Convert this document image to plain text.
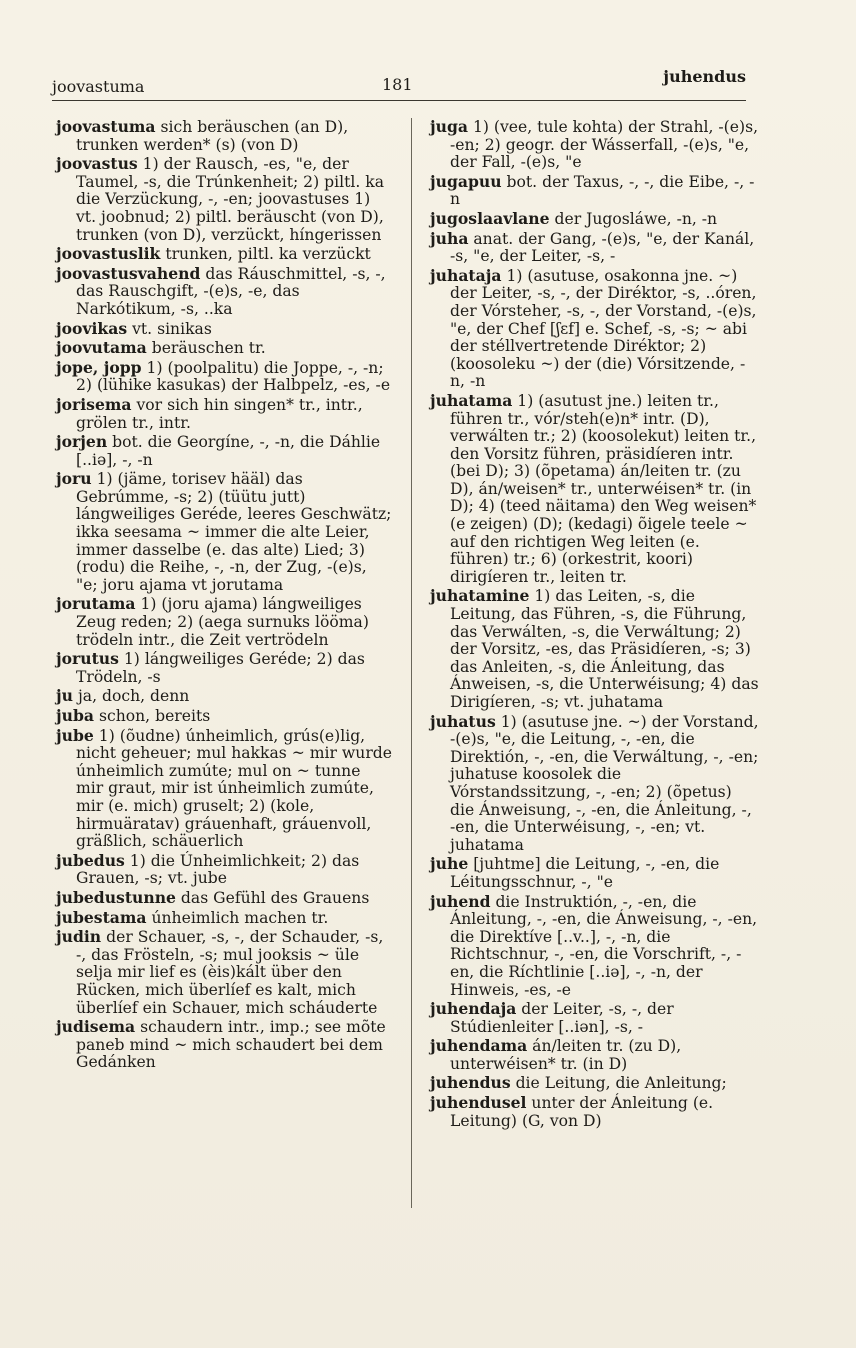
joovastuma	181	juhendus

joovastuma sich beräuschen (an D), trunken werden* (s) (von D)

joovastus 1) der Rausch, -es, "e, der Taumel, -s, die Trúnkenheit; 2) piltl. ka die Verzückung, -, -en; joovastuses 1) vt. joobnud; 2) piltl. beräuscht (von D), trunken (von D), verzückt, híngerissen

joovastuslik trunken, piltl. ka verzückt

joovastusvahend das Ráuschmittel, -s, -, das Rauschgift, -(e)s, -e, das Narkótikum, -s, ..ka

joovikas vt. sinikas

joovutama beräuschen tr.

jope, jopp 1) (poolpalitu) die Joppe, -, -n; 2) (lühike kasukas) der Halbpelz, -es, -e

jorisema vor sich hin singen* tr., intr., grölen tr., intr.

jorjen bot. die Georgíne, -, -n, die Dáhlie [..iə], -, -n

joru 1) (jäme, torisev hääl) das Gebrúmme, -s; 2) (tüütu jutt) lángweiliges Geréde, leeres Geschwätz; ikka seesama ~ immer die alte Leier, immer dasselbe (e. das alte) Lied; 3) (rodu) die Reihe, -, -n, der Zug, -(e)s, "e; joru ajama vt jorutama

jorutama 1) (joru ajama) lángweiliges Zeug reden; 2) (aega surnuks lööma) trödeln intr., die Zeit vertrödeln

jorutus 1) lángweiliges Geréde; 2) das Trödeln, -s

ju ja, doch, denn

juba schon, bereits

jube 1) (õudne) únheimlich, grús(e)lig, nicht geheuer; mul hakkas ~ mir wurde únheimlich zumúte; mul on ~ tunne mir graut, mir ist únheimlich zumúte, mir (e. mich) gruselt; 2) (kole, hirmuäratav) gráuenhaft, gráuenvoll, gräßlich, schäuerlich

jubedus 1) die Únheimlichkeit; 2) das Grauen, -s; vt. jube

jubedustunne das Gefühl des Grauens

jubestama únheimlich machen tr.

judin der Schauer, -s, -, der Schauder, -s, -, das Frösteln, -s; mul jooksis ~ üle selja mir lief es (èis)kált über den Rücken, mich überlíef es kalt, mich überlíef ein Schauer, mich scháuderte

judisema schaudern intr., imp.; see mõte paneb mind ~ mich schaudert bei dem Gedánken

juga 1) (vee, tule kohta) der Strahl, -(e)s, -en; 2) geogr. der Wásserfall, -(e)s, "e, der Fall, -(e)s, "e

jugapuu bot. der Taxus, -, -, die Eibe, -, -n

jugoslaavlane der Jugosláwe, -n, -n

juha anat. der Gang, -(e)s, "e, der Kanál, -s, "e, der Leiter, -s, -

juhataja 1) (asutuse, osakonna jne. ~) der Leiter, -s, -, der Diréktor, -s, ..óren, der Vórsteher, -s, -, der Vorstand, -(e)s, "e, der Chef [ʃɛf] e. Schef, -s, -s; ~ abi der stéllvertretende Diréktor; 2) (koosoleku ~) der (die) Vórsitzende, -n, -n

juhatama 1) (asutust jne.) leiten tr., führen tr., vór/steh(e)n* intr. (D), verwálten tr.; 2) (koosolekut) leiten tr., den Vorsitz führen, präsidíeren intr. (bei D); 3) (õpetama) án/leiten tr. (zu D), án/weisen* tr., unterwéisen* tr. (in D); 4) (teed näitama) den Weg weisen* (e zeigen) (D); (kedagi) õigele teele ~ auf den richtigen Weg leiten (e. führen) tr.; 6) (orkestrit, koori) dirigíeren tr., leiten tr.

juhatamine 1) das Leiten, -s, die Leitung, das Führen, -s, die Führung, das Verwálten, -s, die Verwáltung; 2) der Vorsitz, -es, das Präsidíeren, -s; 3) das Anleiten, -s, die Ánleitung, das Ánweisen, -s, die Unterwéisung; 4) das Dirigíeren, -s; vt. juhatama

juhatus 1) (asutuse jne. ~) der Vorstand, -(e)s, "e, die Leitung, -, -en, die Direktión, -, -en, die Verwáltung, -, -en; juhatuse koosolek die Vórstandssitzung, -, -en; 2) (õpetus) die Ánweisung, -, -en, die Ánleitung, -, -en, die Unterwéisung, -, -en; vt. juhatama

juhe [juhtme] die Leitung, -, -en, die Léitungsschnur, -, "e

juhend die Instruktión, -, -en, die Ánleitung, -, -en, die Ánweisung, -, -en, die Direktíve [..v..], -, -n, die Richtschnur, -, -en, die Vorschrift, -, -en, die Ríchtlinie [..iə], -, -n, der Hinweis, -es, -e

juhendaja der Leiter, -s, -, der Stúdienleiter [..iən], -s, -

juhendama án/leiten tr. (zu D), unterwéisen* tr. (in D)

juhendus die Leitung, die Anleitung;

juhendusel unter der Ánleitung (e. Leitung) (G, von D)
